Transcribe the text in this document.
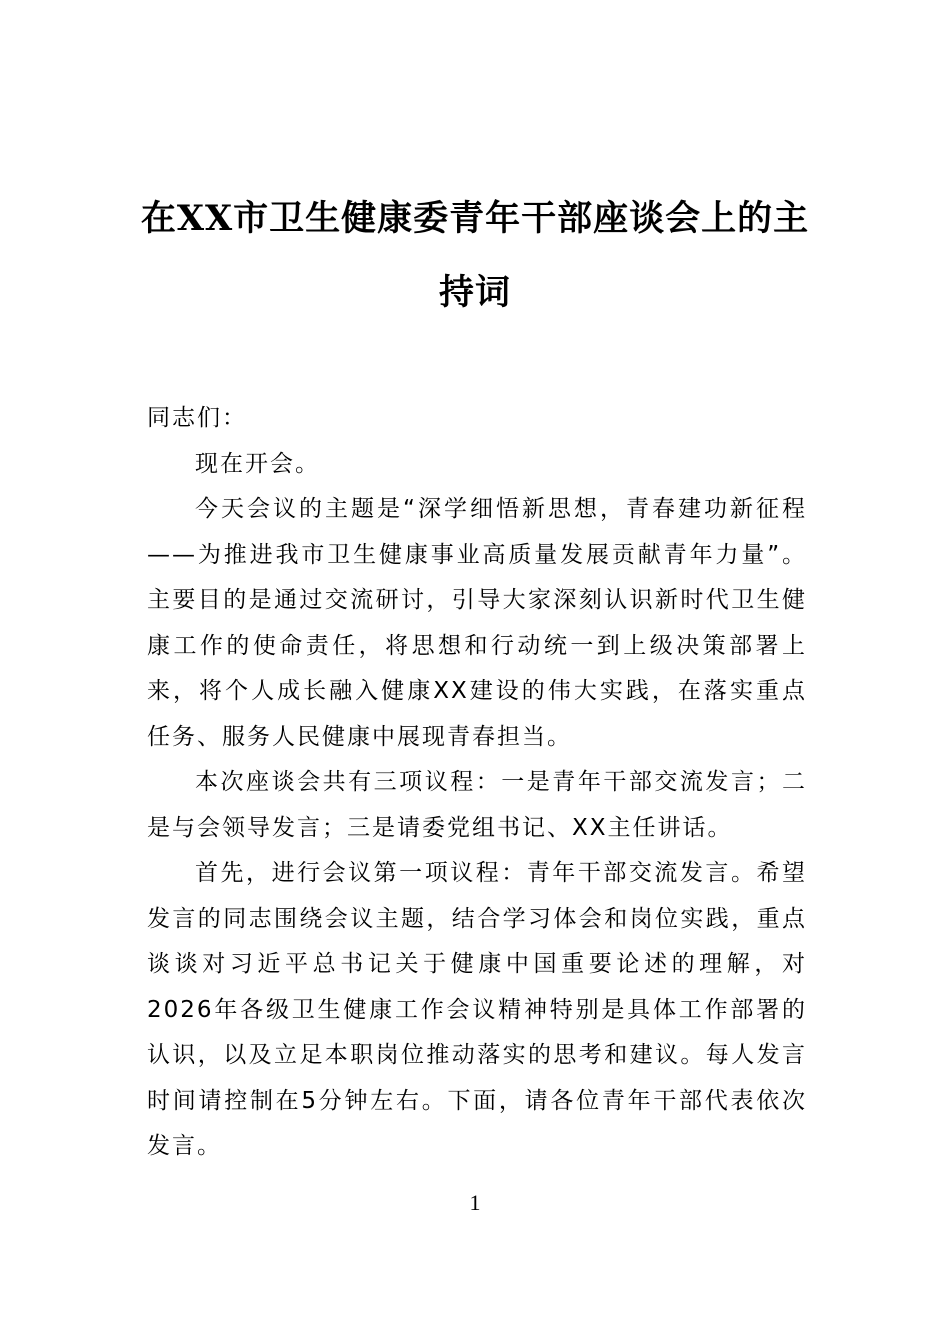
在XX市卫生健康委青年干部座谈会上的主持词

同志们：

现在开会。

今天会议的主题是“深学细悟新思想，青春建功新征程——为推进我市卫生健康事业高质量发展贡献青年力量”。主要目的是通过交流研讨，引导大家深刻认识新时代卫生健康工作的使命责任，将思想和行动统一到上级决策部署上来，将个人成长融入健康XX建设的伟大实践，在落实重点任务、服务人民健康中展现青春担当。

本次座谈会共有三项议程：一是青年干部交流发言；二是与会领导发言；三是请委党组书记、XX主任讲话。

首先，进行会议第一项议程：青年干部交流发言。希望发言的同志围绕会议主题，结合学习体会和岗位实践，重点谈谈对习近平总书记关于健康中国重要论述的理解，对2026年各级卫生健康工作会议精神特别是具体工作部署的认识，以及立足本职岗位推动落实的思考和建议。每人发言时间请控制在5分钟左右。下面，请各位青年干部代表依次发言。

1
